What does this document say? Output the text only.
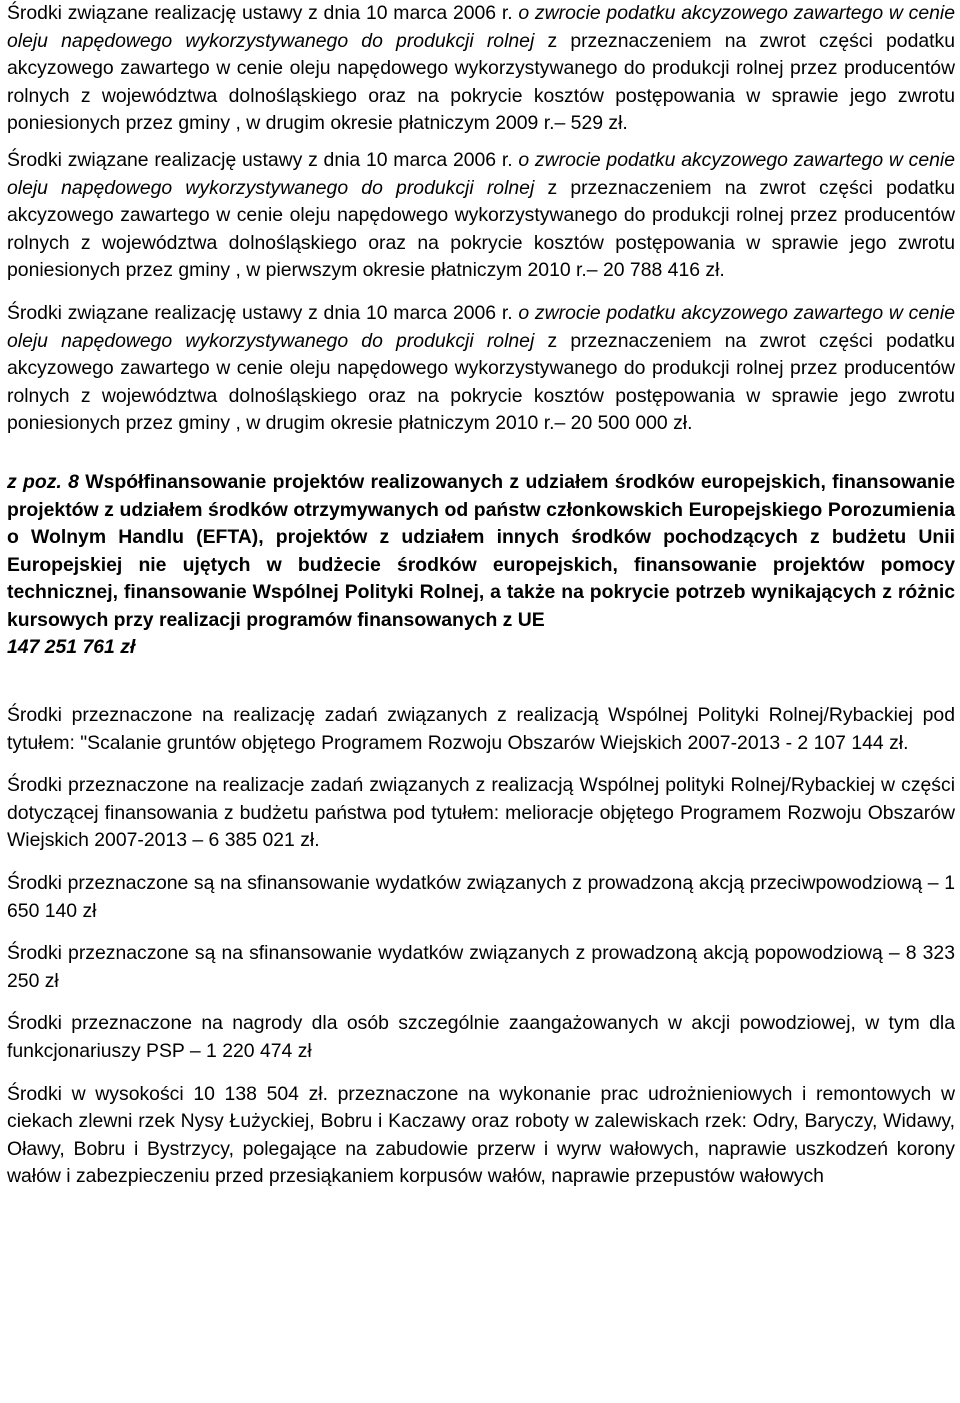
Środki związane realizację ustawy z dnia 10 marca 2006 r. o zwrocie podatku akcyzowego zawartego w cenie oleju napędowego wykorzystywanego do produkcji rolnej z przeznaczeniem na zwrot części podatku akcyzowego zawartego w cenie oleju napędowego wykorzystywanego do produkcji rolnej przez producentów rolnych z województwa dolnośląskiego oraz na pokrycie kosztów postępowania w sprawie jego zwrotu poniesionych przez gminy , w drugim okresie płatniczym 2009 r.– 529 zł.

Środki związane realizację ustawy z dnia 10 marca 2006 r. o zwrocie podatku akcyzowego zawartego w cenie oleju napędowego wykorzystywanego do produkcji rolnej z przeznaczeniem na zwrot części podatku akcyzowego zawartego w cenie oleju napędowego wykorzystywanego do produkcji rolnej przez producentów rolnych z województwa dolnośląskiego oraz na pokrycie kosztów postępowania w sprawie jego zwrotu poniesionych przez gminy , w pierwszym okresie płatniczym 2010 r.– 20 788 416 zł.

Środki związane realizację ustawy z dnia 10 marca 2006 r. o zwrocie podatku akcyzowego zawartego w cenie oleju napędowego wykorzystywanego do produkcji rolnej z przeznaczeniem na zwrot części podatku akcyzowego zawartego w cenie oleju napędowego wykorzystywanego do produkcji rolnej przez producentów rolnych z województwa dolnośląskiego oraz na pokrycie kosztów postępowania w sprawie jego zwrotu poniesionych przez gminy , w drugim okresie płatniczym 2010 r.– 20 500 000 zł.

z poz. 8 Współfinansowanie projektów realizowanych z udziałem środków europejskich, finansowanie projektów z udziałem środków otrzymywanych od państw członkowskich Europejskiego Porozumienia o Wolnym Handlu (EFTA), projektów z udziałem innych środków pochodzących z budżetu Unii Europejskiej nie ujętych w budżecie środków europejskich, finansowanie projektów pomocy technicznej, finansowanie Wspólnej Polityki Rolnej, a także na pokrycie potrzeb wynikających z różnic kursowych przy realizacji programów finansowanych z UE
147 251 761 zł

Środki przeznaczone na realizację zadań związanych z realizacją Wspólnej Polityki Rolnej/Rybackiej pod tytułem: "Scalanie gruntów objętego Programem Rozwoju Obszarów Wiejskich 2007-2013 - 2 107 144 zł.

Środki przeznaczone na realizacje zadań związanych z realizacją Wspólnej polityki Rolnej/Rybackiej w części dotyczącej finansowania z budżetu państwa pod tytułem: melioracje objętego Programem Rozwoju Obszarów Wiejskich 2007-2013 – 6 385 021 zł.

Środki przeznaczone są na sfinansowanie wydatków związanych z prowadzoną akcją przeciwpowodziową – 1 650 140 zł

Środki przeznaczone są na sfinansowanie wydatków związanych z prowadzoną akcją popowodziową – 8 323 250 zł

Środki przeznaczone na nagrody dla osób szczególnie zaangażowanych w akcji powodziowej, w tym dla funkcjonariuszy PSP – 1 220 474 zł

Środki w wysokości 10 138 504 zł. przeznaczone na wykonanie prac udrożnieniowych i remontowych w ciekach zlewni rzek Nysy Łużyckiej, Bobru i Kaczawy oraz roboty w zalewiskach rzek: Odry, Baryczy, Widawy, Oławy, Bobru i Bystrzycy, polegające na zabudowie przerw i wyrw wałowych, naprawie uszkodzeń korony wałów i zabezpieczeniu przed przesiąkaniem korpusów wałów, naprawie przepustów wałowych
